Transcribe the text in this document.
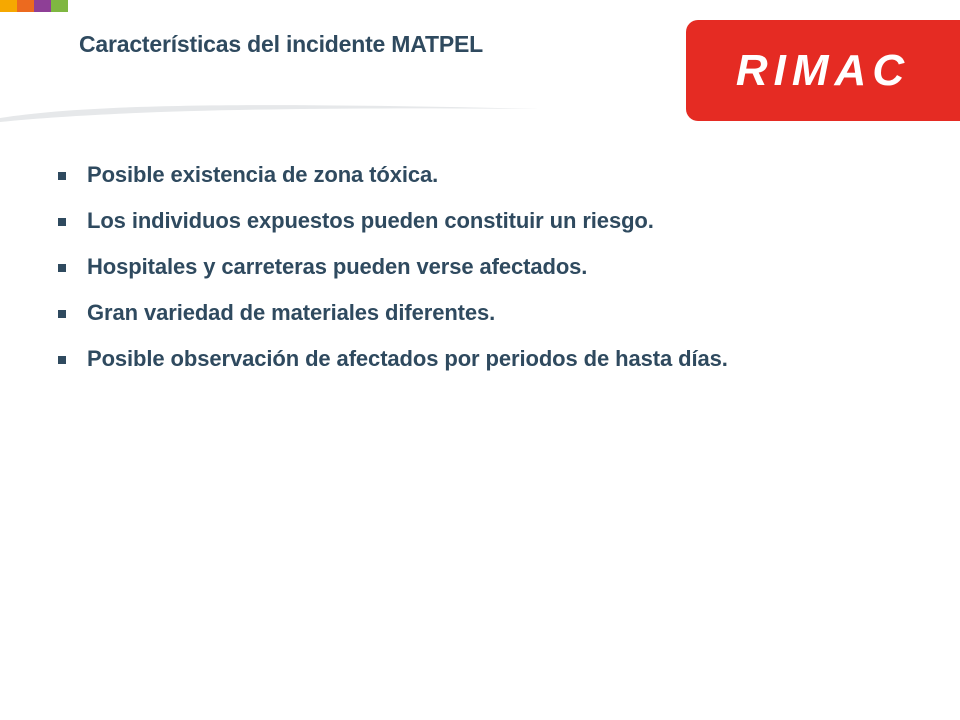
Características del incidente MATPEL
RIMAC
Posible existencia de zona tóxica.
Los individuos expuestos pueden constituir un riesgo.
Hospitales y carreteras pueden verse afectados.
Gran variedad de materiales diferentes.
Posible observación de afectados por periodos de hasta días.
